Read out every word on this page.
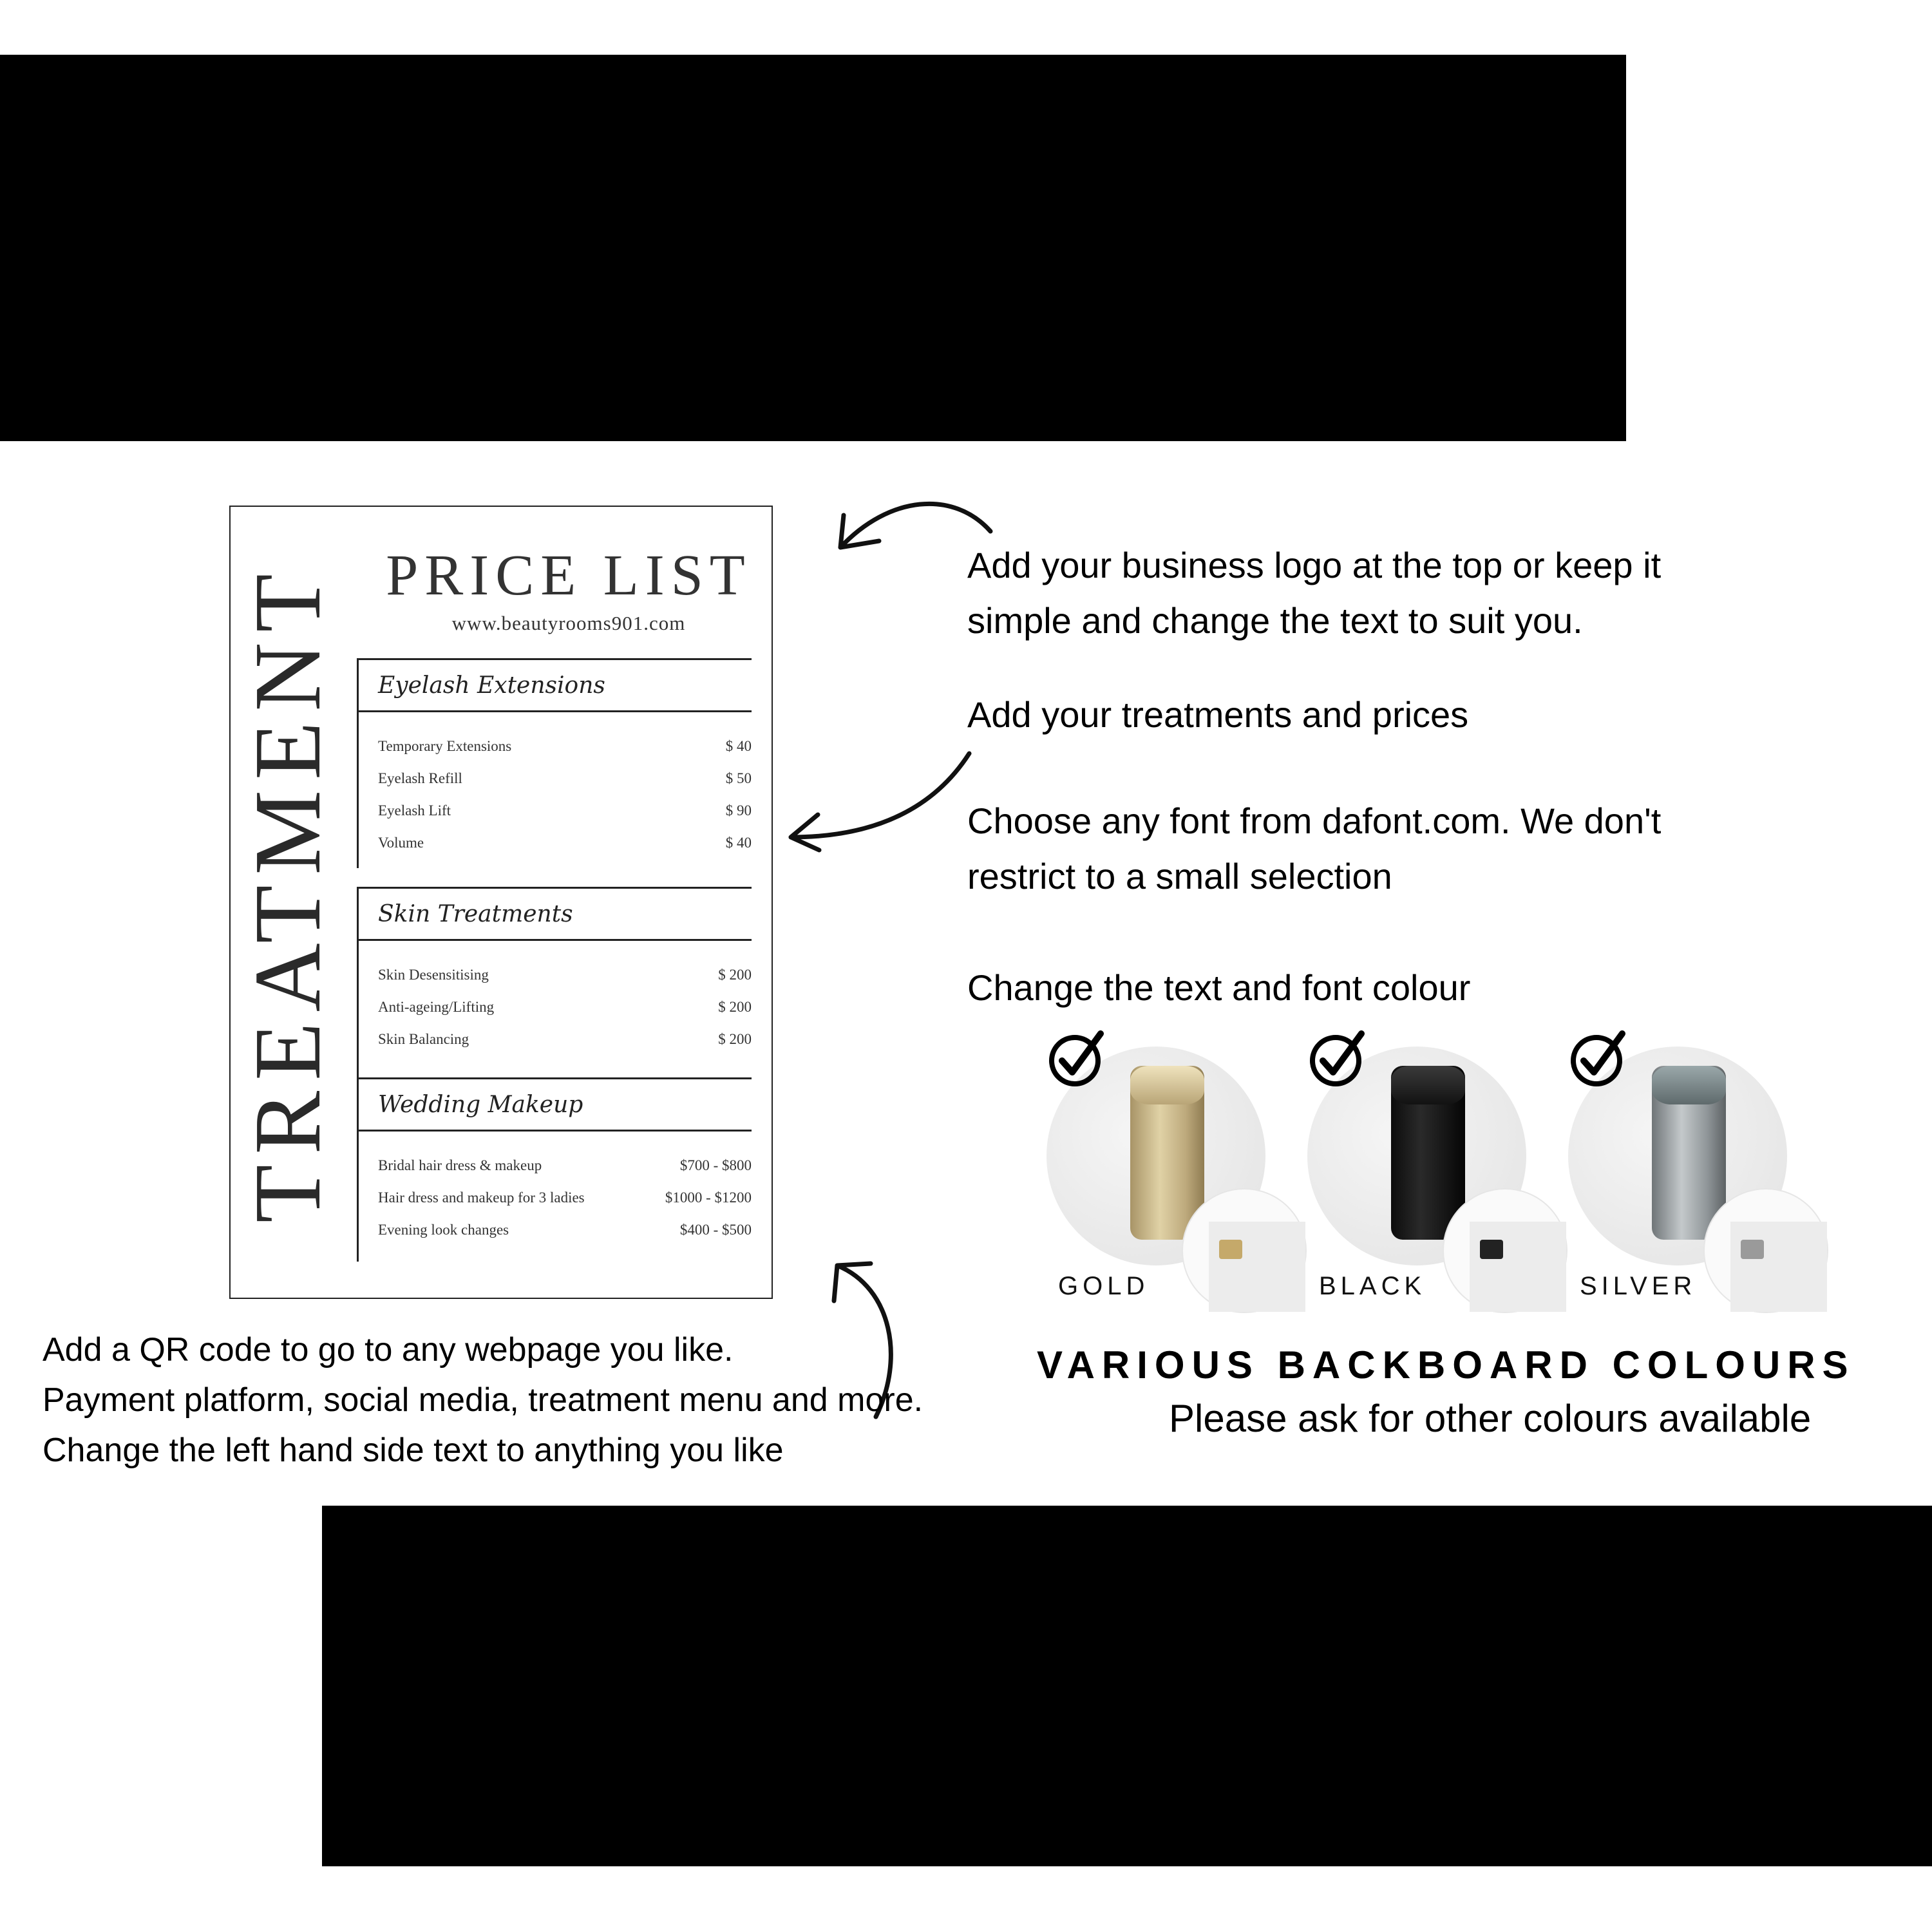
TREATMENT PRICE LIST
www.beautyrooms901.com
Eyelash Extensions
Temporary Extensions	$ 40
Eyelash Refill	$ 50
Eyelash Lift	$ 90
Volume	$ 40
Skin Treatments
Skin Desensitising	$ 200
Anti-ageing/Lifting	$ 200
Skin Balancing	$ 200
Wedding Makeup
Bridal hair dress & makeup	$700 - $800
Hair dress and makeup for 3 ladies	$1000 - $1200
Evening look changes	$400 - $500
Add your business logo at the top or keep it
simple and change the text to suit you.
Add your treatments and prices
Choose any font from dafont.com. We don't
restrict to a small selection
Change the text and font colour
GOLD	BLACK	SILVER
VARIOUS BACKBOARD COLOURS
Please ask for other colours available
Add a QR code to go to any webpage you like.
Payment platform, social media, treatment menu and more.
Change the left hand side text to anything you like
